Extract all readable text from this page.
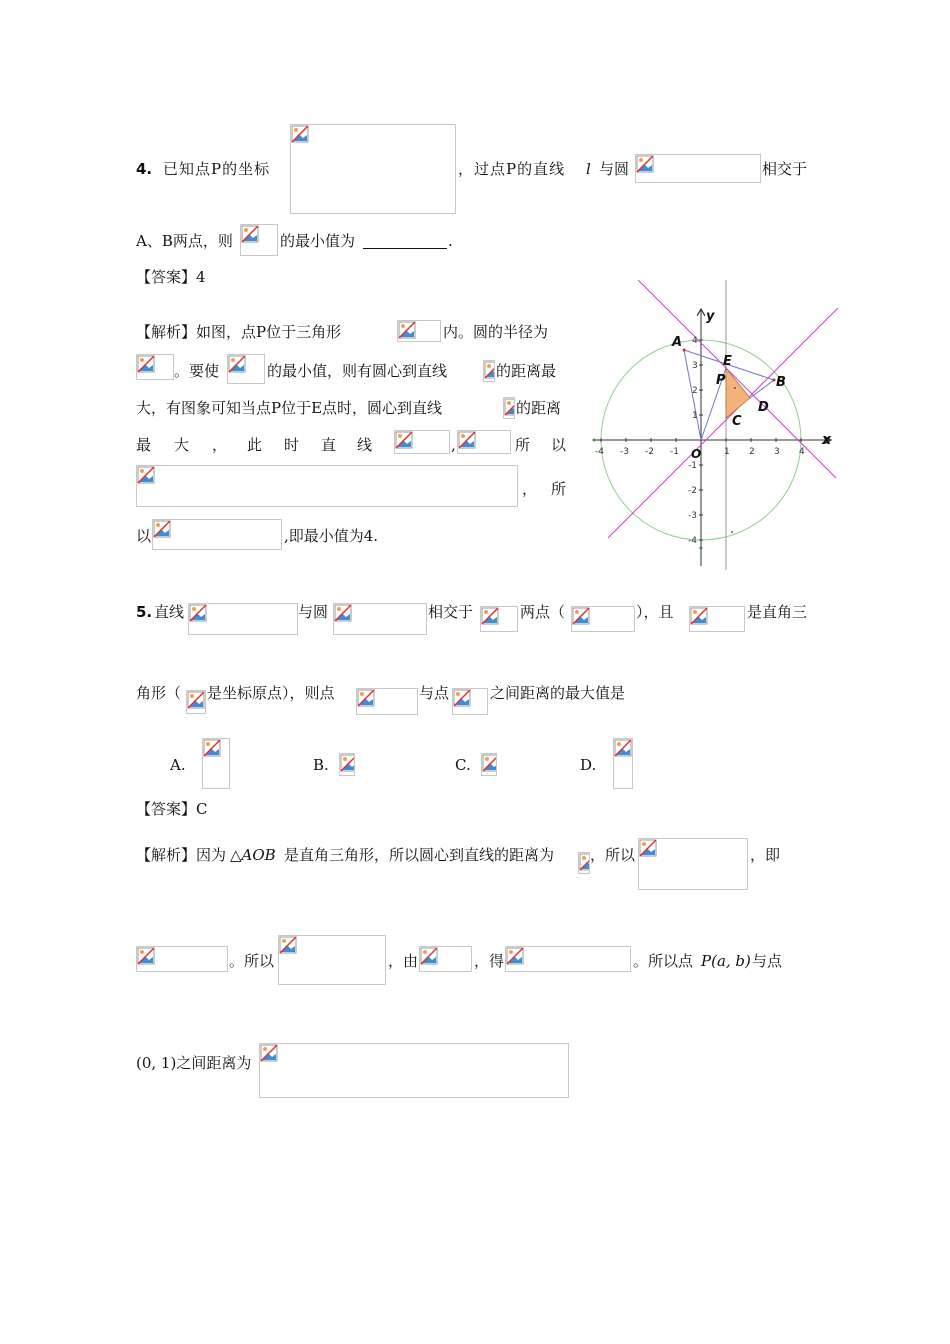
4. 已知点P的坐标	，过点P的直线 l 与圆	相交于
A、B两点，则	的最小值为	.
【答案】4
【解析】如图，点P位于三角形	内。圆的半径为
。要使	的最小值，则有圆心到直线	的距离最
大，有图象可知当点P位于E点时，圆心到直线	的距离
最 大 ， 此 时 直 线	,	所 以
， 所
以	,即最小值为4.
-4 -3 -2 -1	1 2 3 4
4
3
2
1
-1
-2
-3
-4
x
y
O
A
B
C
D
E
P
5. 直线	与圆	相交于	两点（	），且	是直角三
角形（ 是坐标原点），则点	与点	之间距离的最大值是
A.	B.	C.	D.
【答案】C
【解析】因为 △AOB 是直角三角形，所以圆心到直线的距离为 ，所以	，即
。所以	，由	，得	。所以点 P(a, b) 与点
(0, 1)之间距离为
